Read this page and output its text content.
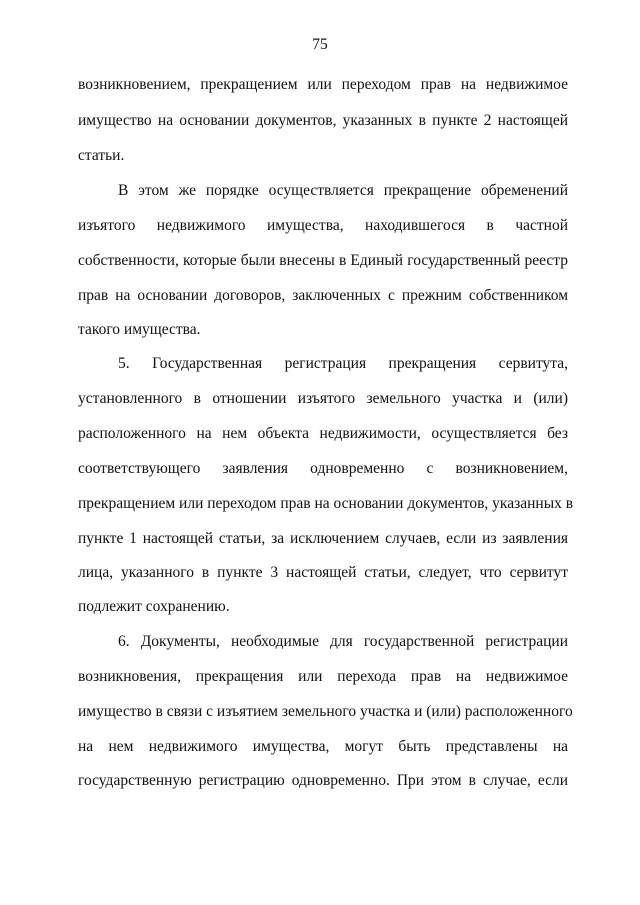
75
возникновением, прекращением или переходом прав на недвижимое
имущество на основании документов, указанных в пункте 2 настоящей
статьи.
В этом же порядке осуществляется прекращение обременений
изъятого недвижимого имущества, находившегося в частной
собственности, которые были внесены в Единый государственный реестр
прав на основании договоров, заключенных с прежним собственником
такого имущества.
5. Государственная регистрация прекращения сервитута,
установленного в отношении изъятого земельного участка и (или)
расположенного на нем объекта недвижимости, осуществляется без
соответствующего заявления одновременно с возникновением,
прекращением или переходом прав на основании документов, указанных в
пункте 1 настоящей статьи, за исключением случаев, если из заявления
лица, указанного в пункте 3 настоящей статьи, следует, что сервитут
подлежит сохранению.
6. Документы, необходимые для государственной регистрации
возникновения, прекращения или перехода прав на недвижимое
имущество в связи с изъятием земельного участка и (или) расположенного
на нем недвижимого имущества, могут быть представлены на
государственную регистрацию одновременно. При этом в случае, если
